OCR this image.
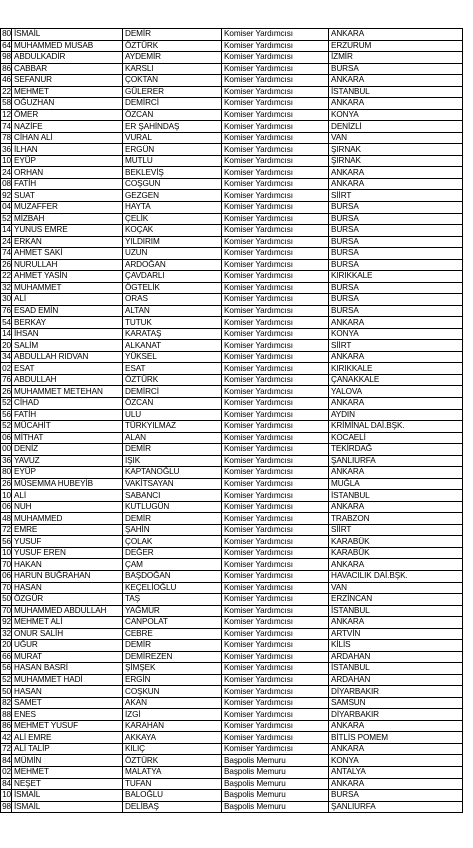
80	İSMAİL	DEMİR	Komiser Yardımcısı	ANKARA
64	MUHAMMED MUSAB	ÖZTÜRK	Komiser Yardımcısı	ERZURUM
98	ABDULKADİR	AYDEMİR	Komiser Yardımcısı	İZMİR
86	CABBAR	KARSLI	Komiser Yardımcısı	BURSA
46	SEFANUR	ÇOKTAN	Komiser Yardımcısı	ANKARA
22	MEHMET	GÜLERER	Komiser Yardımcısı	İSTANBUL
58	OĞUZHAN	DEMİRCİ	Komiser Yardımcısı	ANKARA
12	ÖMER	ÖZCAN	Komiser Yardımcısı	KONYA
74	NAZİFE	ER ŞAHİNDAŞ	Komiser Yardımcısı	DENİZLİ
78	CİHAN ALİ	VURAL	Komiser Yardımcısı	VAN
36	İLHAN	ERGÜN	Komiser Yardımcısı	ŞIRNAK
10	EYÜP	MUTLU	Komiser Yardımcısı	ŞIRNAK
24	ORHAN	BEKLEVİŞ	Komiser Yardımcısı	ANKARA
08	FATİH	COŞGUN	Komiser Yardımcısı	ANKARA
92	SUAT	GEZGEN	Komiser Yardımcısı	SİİRT
04	MUZAFFER	HAYTA	Komiser Yardımcısı	BURSA
52	MİZBAH	ÇELİK	Komiser Yardımcısı	BURSA
14	YUNUS EMRE	KOÇAK	Komiser Yardımcısı	BURSA
24	ERKAN	YILDIRIM	Komiser Yardımcısı	BURSA
74	AHMET SAKİ	UZUN	Komiser Yardımcısı	BURSA
26	NURULLAH	ARDOĞAN	Komiser Yardımcısı	BURSA
22	AHMET YASİN	ÇAVDARLI	Komiser Yardımcısı	KIRIKKALE
32	MUHAMMET	ÖGTELİK	Komiser Yardımcısı	BURSA
30	ALİ	ORAS	Komiser Yardımcısı	BURSA
76	ESAD EMİN	ALTAN	Komiser Yardımcısı	BURSA
54	BERKAY	TUTUK	Komiser Yardımcısı	ANKARA
14	İHSAN	KARATAŞ	Komiser Yardımcısı	KONYA
20	SALİM	ALKANAT	Komiser Yardımcısı	SİİRT
34	ABDULLAH RIDVAN	YÜKSEL	Komiser Yardımcısı	ANKARA
02	ESAT	ESAT	Komiser Yardımcısı	KIRIKKALE
76	ABDULLAH	ÖZTÜRK	Komiser Yardımcısı	ÇANAKKALE
26	MUHAMMET METEHAN	DEMİRCİ	Komiser Yardımcısı	YALOVA
52	CİHAD	ÖZCAN	Komiser Yardımcısı	ANKARA
56	FATİH	ULU	Komiser Yardımcısı	AYDIN
52	MÜCAHİT	TÜRKYILMAZ	Komiser Yardımcısı	KRİMİNAL DAİ.BŞK.
06	MİTHAT	ALAN	Komiser Yardımcısı	KOCAELİ
00	DENİZ	DEMİR	Komiser Yardımcısı	TEKİRDAĞ
36	YAVUZ	IŞIK	Komiser Yardımcısı	ŞANLIURFA
80	EYÜP	KAPTANOĞLU	Komiser Yardımcısı	ANKARA
26	MÜSEMMA HUBEYİB	VAKİTSAYAN	Komiser Yardımcısı	MUĞLA
10	ALİ	SABANCI	Komiser Yardımcısı	İSTANBUL
06	NUH	KUTLUGÜN	Komiser Yardımcısı	ANKARA
48	MUHAMMED	DEMİR	Komiser Yardımcısı	TRABZON
72	EMRE	ŞAHİN	Komiser Yardımcısı	SİİRT
56	YUSUF	ÇOLAK	Komiser Yardımcısı	KARABÜK
10	YUSUF EREN	DEĞER	Komiser Yardımcısı	KARABÜK
70	HAKAN	ÇAM	Komiser Yardımcısı	ANKARA
06	HARUN BUĞRAHAN	BAŞDOĞAN	Komiser Yardımcısı	HAVACILIK DAİ.BŞK.
70	HASAN	KEÇELİOĞLU	Komiser Yardımcısı	VAN
50	ÖZGÜR	TAŞ	Komiser Yardımcısı	ERZİNCAN
70	MUHAMMED ABDULLAH	YAĞMUR	Komiser Yardımcısı	İSTANBUL
92	MEHMET ALİ	CANPOLAT	Komiser Yardımcısı	ANKARA
32	ONUR SALİH	CEBRE	Komiser Yardımcısı	ARTVİN
20	UĞUR	DEMİR	Komiser Yardımcısı	KİLİS
66	MURAT	DEMİREZEN	Komiser Yardımcısı	ARDAHAN
56	HASAN BASRİ	ŞİMŞEK	Komiser Yardımcısı	İSTANBUL
52	MUHAMMET HADİ	ERGİN	Komiser Yardımcısı	ARDAHAN
50	HASAN	COŞKUN	Komiser Yardımcısı	DİYARBAKIR
82	SAMET	AKAN	Komiser Yardımcısı	SAMSUN
88	ENES	İZGİ	Komiser Yardımcısı	DİYARBAKIR
86	MEHMET YUSUF	KARAHAN	Komiser Yardımcısı	ANKARA
42	ALİ EMRE	AKKAYA	Komiser Yardımcısı	BİTLİS POMEM
72	ALİ TALİP	KILIÇ	Komiser Yardımcısı	ANKARA
84	MÜMİN	ÖZTÜRK	Başpolis Memuru	KONYA
02	MEHMET	MALATYA	Başpolis Memuru	ANTALYA
84	NEŞET	TUFAN	Başpolis Memuru	ANKARA
10	İSMAİL	BALOĞLU	Başpolis Memuru	BURSA
98	İSMAİL	DELİBAŞ	Başpolis Memuru	ŞANLIURFA
